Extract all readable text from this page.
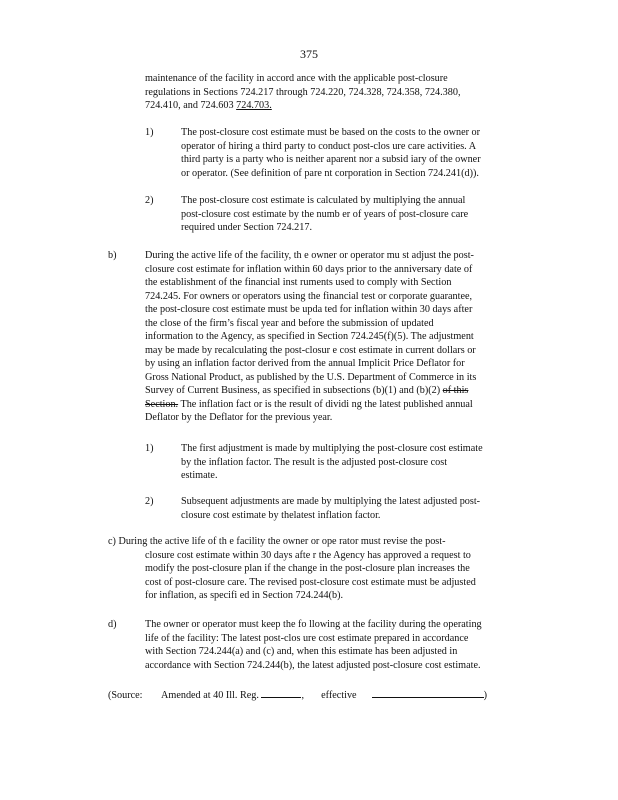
375
maintenance of the facility in accord ance with the applicable post-closure
regulations in Sections 724.217 through 724.220, 724.328, 724.358, 724.380,
724.410, and 724.603 724.703.
1)	The post-closure cost estimate must be based on the costs to the owner or
operator of hiring a third party to conduct post-clos ure care activities. A
third party is a party who is neither aparent nor a subsid iary of the owner
or operator. (See definition of pare nt corporation in Section 724.241(d)).
2)	The post-closure cost estimate is calculated by multiplying the annual
post-closure cost estimate by the numb er of years of post-closure care
required under Section 724.217.
b)	During the active life of the facility, th e owner or operator mu st adjust the post-
closure cost estimate for inflation within 60 days prior to the anniversary date of
the establishment of the financial inst ruments used to comply with Section
724.245. For owners or operators using the financial test or corporate guarantee,
the post-closure cost estimate must be upda ted for inflation within 30 days after
the close of the firm’s fiscal year and before the submission of updated
information to the Agency, as specified in Section 724.245(f)(5). The adjustment
may be made by recalculating the post-closur e cost estimate in current dollars or
by using an inflation factor derived from the annual Implicit Price Deflator for
Gross National Product, as published by the U.S. Department of Commerce in its
Survey of Current Business, as specified in subsections (b)(1) and (b)(2) of this
Section. The inflation fact or is the result of dividi ng the latest published annual
Deflator by the Deflator for the previous year.
1)	The first adjustment is made by multiplying the post-closure cost estimate
by the inflation factor. The result is the adjusted post-closure cost
estimate.
2)	Subsequent adjustments are made by multiplying the latest adjusted post-
closure cost estimate by thelatest inflation factor.
c) During the active life of th e facility the owner or ope rator must revise the post-
closure cost estimate within 30 days afte r the Agency has approved a request to
modify the post-closure plan if the change in the post-closure plan increases the
cost of post-closure care. The revised post-closure cost estimate must be adjusted
for inflation, as specifi ed in Section 724.244(b).
d)	The owner or operator must keep the fo llowing at the facility during the operating
life of the facility: The latest post-clos ure cost estimate prepared in accordance
with Section 724.244(a) and (c) and, when this estimate has been adjusted in
accordance with Section 724.244(b), the latest adjusted post-closure cost estimate.
(Source: Amended at 40 Ill. Reg.	, effective	)
